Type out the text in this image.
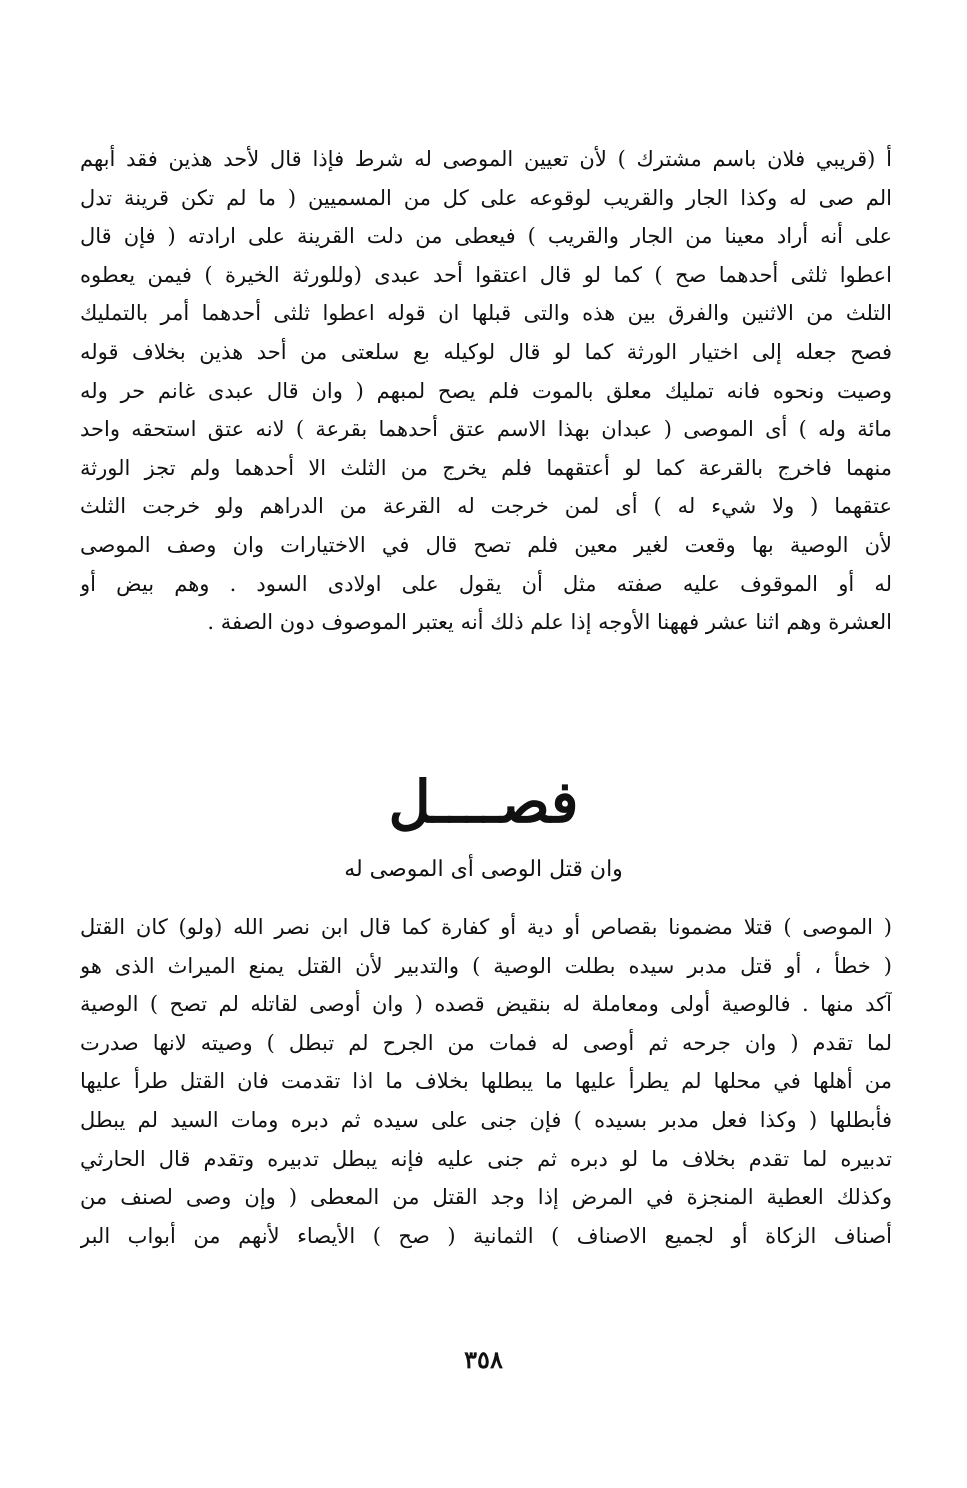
أ (قريبي فلان باسم مشترك ) لأن تعيين الموصى له شرط فإذا قال لأحد هذين فقد أبهم
الم صى له وكذا الجار والقريب لوقوعه على كل من المسميين ( ما لم تكن قرينة تدل
على أنه أراد معينا من الجار والقريب ) فيعطى من دلت القرينة على ارادته ( فإن قال
اعطوا ثلثى أحدهما صح ) كما لو قال اعتقوا أحد عبدى (وللورثة الخيرة ) فيمن يعطوه
التلث من الاثنين والفرق بين هذه والتى قبلها ان قوله اعطوا ثلثى أحدهما أمر بالتمليك
فصح جعله إلى اختيار الورثة كما لو قال لوكيله بع سلعتى من أحد هذين بخلاف قوله
وصيت ونحوه فانه تمليك معلق بالموت فلم يصح لمبهم ( وان قال عبدى غانم حر وله
مائة وله ) أى الموصى ( عبدان بهذا الاسم عتق أحدهما بقرعة ) لانه عتق استحقه واحد
منهما فاخرج بالقرعة كما لو أعتقهما فلم يخرج من الثلث الا أحدهما ولم تجز الورثة
عتقهما ( ولا شيء له ) أى لمن خرجت له القرعة من الدراهم ولو خرجت الثلث
لأن الوصية بها وقعت لغير معين فلم تصح قال في الاختيارات وان وصف الموصى
له أو الموقوف عليه صفته مثل أن يقول على اولادى السود . وهم بيض أو
العشرة وهم اثنا عشر فههنا الأوجه إذا علم ذلك أنه يعتبر الموصوف دون الصفة .
فصــــل
وان قتل الوصى أى الموصى له
( الموصى ) قتلا مضمونا بقصاص أو دية أو كفارة كما قال ابن نصر الله (ولو) كان القتل
( خطأ ، أو قتل مدبر سيده بطلت الوصية ) والتدبير لأن القتل يمنع الميراث الذى هو
آكد منها . فالوصية أولى ومعاملة له بنقيض قصده ( وان أوصى لقاتله لم تصح ) الوصية
لما تقدم ( وان جرحه ثم أوصى له فمات من الجرح لم تبطل ) وصيته لانها صدرت
من أهلها في محلها لم يطرأ عليها ما يبطلها بخلاف ما اذا تقدمت فان القتل طرأ عليها
فأبطلها ( وكذا فعل مدبر بسيده ) فإن جنى على سيده ثم دبره ومات السيد لم يبطل
تدبيره لما تقدم بخلاف ما لو دبره ثم جنى عليه فإنه يبطل تدبيره وتقدم قال الحارثي
وكذلك العطية المنجزة في المرض إذا وجد القتل من المعطى ( وإن وصى لصنف من
أصناف الزكاة أو لجميع الاصناف ) الثمانية ( صح ) الأيصاء لأنهم من أبواب البر
٣٥٨
